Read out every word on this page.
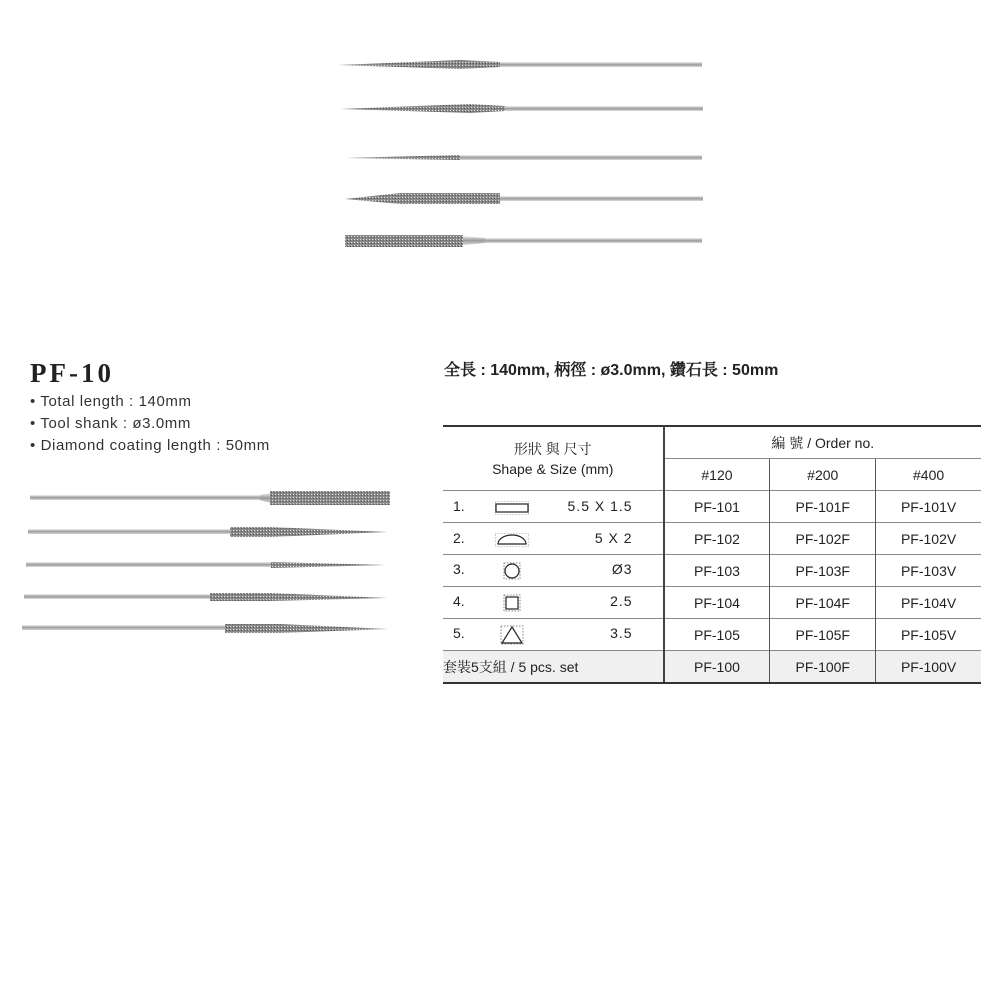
PF-10
• Total length : 140mm
• Tool shank : ø3.0mm
• Diamond coating length : 50mm
全長 : 140mm, 柄徑 : ø3.0mm, 鑽石長 : 50mm
形狀 與 尺寸
Shape & Size (mm)	編 號 / Order no.		
	#120	#200	#400
1. 5.5 X 1.5	PF-101	PF-101F	PF-101V
2. 5 X 2	PF-102	PF-102F	PF-102V
3. Ø3	PF-103	PF-103F	PF-103V
4. 2.5	PF-104	PF-104F	PF-104V
5. 3.5	PF-105	PF-105F	PF-105V
套裝5支組 / 5 pcs. set	PF-100	PF-100F	PF-100V
